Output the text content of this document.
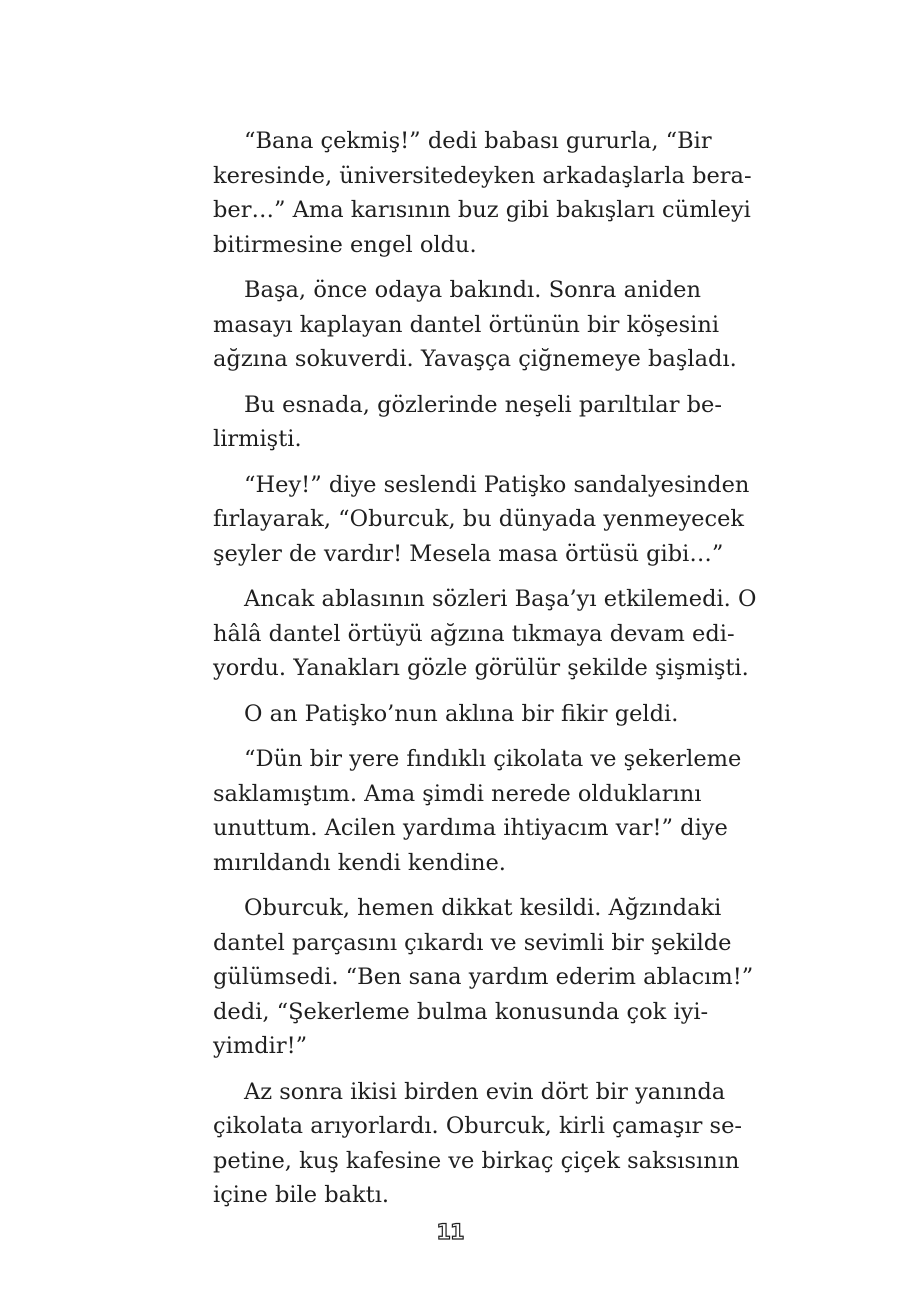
“Bana çekmiş!” dedi babası gururla, “Bir
keresinde, üniversitedeyken arkadaşlarla bera-
ber…” Ama karısının buz gibi bakışları cümleyi
bitirmesine engel oldu.

Başa, önce odaya bakındı. Sonra aniden
masayı kaplayan dantel örtünün bir köşesini
ağzına sokuverdi. Yavaşça çiğnemeye başladı.

Bu esnada, gözlerinde neşeli parıltılar be-
lirmişti.

“Hey!” diye seslendi Patişko sandalyesinden
fırlayarak, “Oburcuk, bu dünyada yenmeyecek
şeyler de vardır! Mesela masa örtüsü gibi…”

Ancak ablasının sözleri Başa’yı etkilemedi. O
hâlâ dantel örtüyü ağzına tıkmaya devam edi-
yordu. Yanakları gözle görülür şekilde şişmişti.

O an Patişko’nun aklına bir fikir geldi.

“Dün bir yere fındıklı çikolata ve şekerleme
saklamıştım. Ama şimdi nerede olduklarını
unuttum. Acilen yardıma ihtiyacım var!” diye
mırıldandı kendi kendine.

Oburcuk, hemen dikkat kesildi. Ağzındaki
dantel parçasını çıkardı ve sevimli bir şekilde
gülümsedi. “Ben sana yardım ederim ablacım!”
dedi, “Şekerleme bulma konusunda çok iyi-
yimdir!”

Az sonra ikisi birden evin dört bir yanında
çikolata arıyorlardı. Oburcuk, kirli çamaşır se-
petine, kuş kafesine ve birkaç çiçek saksısının
içine bile baktı.

11
